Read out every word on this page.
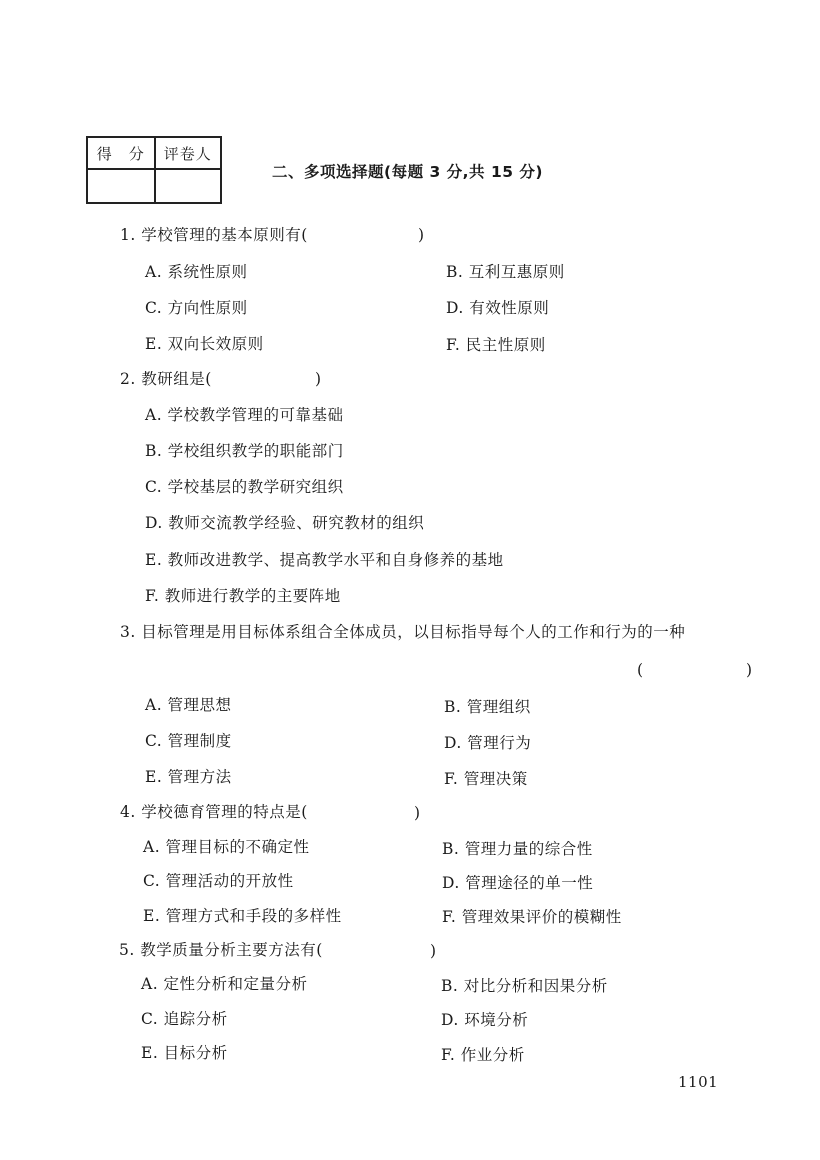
得　分	评卷人

二、多项选择题(每题 3 分,共 15 分)
1. 学校管理的基本原则有(	)
A. 系统性原则	B. 互利互惠原则
C. 方向性原则	D. 有效性原则
E. 双向长效原则	F. 民主性原则
2. 教研组是(	)
A. 学校教学管理的可靠基础
B. 学校组织教学的职能部门
C. 学校基层的教学研究组织
D. 教师交流教学经验、研究教材的组织
E. 教师改进教学、提高教学水平和自身修养的基地
F. 教师进行教学的主要阵地
3. 目标管理是用目标体系组合全体成员，以目标指导每个人的工作和行为的一种
(	)
A. 管理思想	B. 管理组织
C. 管理制度	D. 管理行为
E. 管理方法	F. 管理决策
4. 学校德育管理的特点是(	)
A. 管理目标的不确定性	B. 管理力量的综合性
C. 管理活动的开放性	D. 管理途径的单一性
E. 管理方式和手段的多样性	F. 管理效果评价的模糊性
5. 教学质量分析主要方法有(	)
A. 定性分析和定量分析	B. 对比分析和因果分析
C. 追踪分析	D. 环境分析
E. 目标分析	F. 作业分析
1101
